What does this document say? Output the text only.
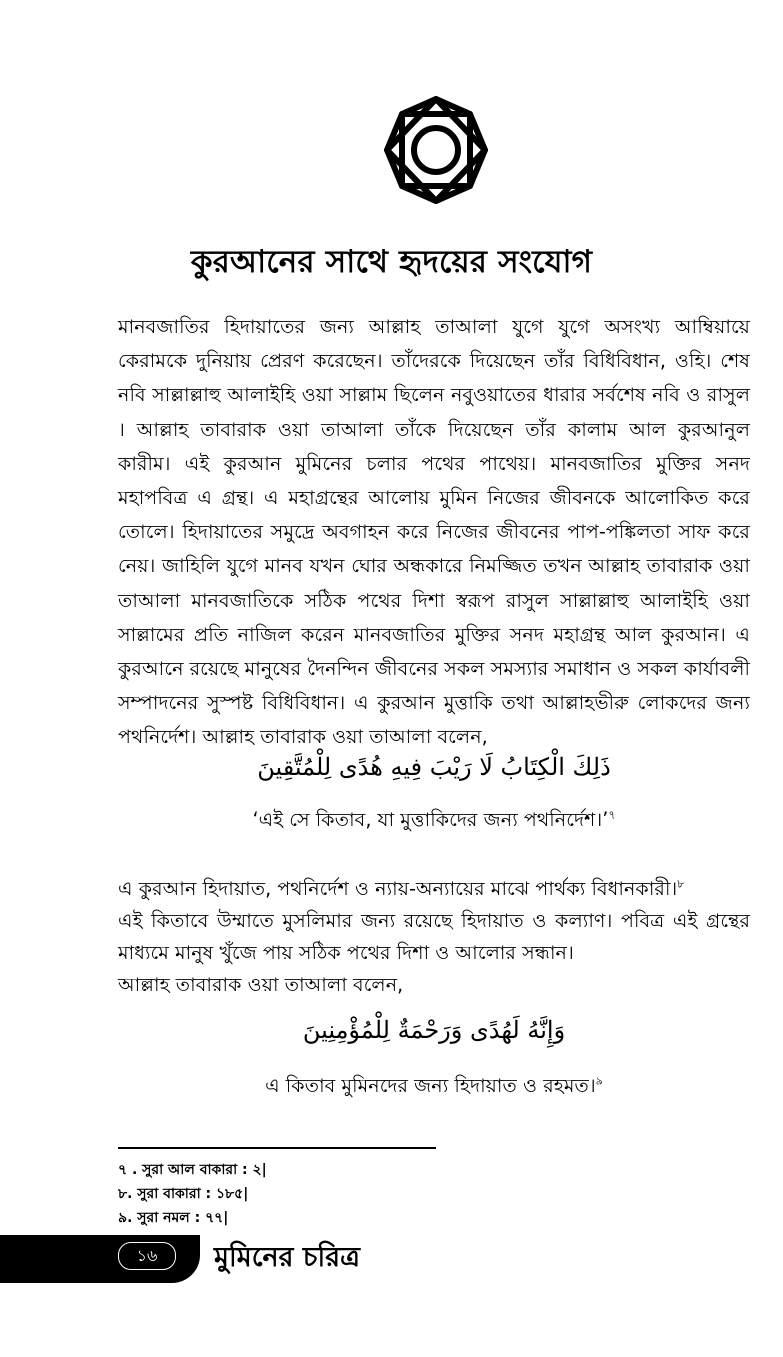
কুরআনের সাথে হৃদয়ের সংযোগ

মানবজাতির হিদায়াতের জন্য আল্লাহ তাআলা যুগে যুগে অসংখ্য আম্বিয়ায়ে কেরামকে দুনিয়ায় প্রেরণ করেছেন। তাঁদেরকে দিয়েছেন তাঁর বিধিবিধান, ওহি। শেষ নবি সাল্লাল্লাহু আলাইহি ওয়া সাল্লাম ছিলেন নবুওয়াতের ধারার সর্বশেষ নবি ও রাসুল । আল্লাহ তাবারাক ওয়া তাআলা তাঁকে দিয়েছেন তাঁর কালাম আল কুরআনুল কারীম। এই কুরআন মুমিনের চলার পথের পাথেয়। মানবজাতির মুক্তির সনদ মহাপবিত্র এ গ্রন্থ। এ মহাগ্রন্থের আলোয় মুমিন নিজের জীবনকে আলোকিত করে তোলে। হিদায়াতের সমুদ্রে অবগাহন করে নিজের জীবনের পাপ-পঙ্কিলতা সাফ করে নেয়। জাহিলি যুগে মানব যখন ঘোর অন্ধকারে নিমজ্জিত তখন আল্লাহ তাবারাক ওয়া তাআলা মানবজাতিকে সঠিক পথের দিশা স্বরূপ রাসুল সাল্লাল্লাহু আলাইহি ওয়া সাল্লামের প্রতি নাজিল করেন মানবজাতির মুক্তির সনদ মহাগ্রন্থ আল কুরআন। এ কুরআনে রয়েছে মানুষের দৈনন্দিন জীবনের সকল সমস্যার সমাধান ও সকল কার্যাবলী সম্পাদনের সুস্পষ্ট বিধিবিধান। এ কুরআন মুত্তাকি তথা আল্লাহভীরু লোকদের জন্য পথনির্দেশ। আল্লাহ তাবারাক ওয়া তাআলা বলেন,

ذَلِكَ الْكِتَابُ لَا رَيْبَ فِيهِ هُدًى لِلْمُتَّقِينَ
‘এই সে কিতাব, যা মুত্তাকিদের জন্য পথনির্দেশ।’$^৭$
এ কুরআন হিদায়াত, পথনির্দেশ ও ন্যায়-অন্যায়ের মাঝে পার্থক্য বিধানকারী।$^৮$
এই কিতাবে উম্মাতে মুসলিমার জন্য রয়েছে হিদায়াত ও কল্যাণ। পবিত্র এই গ্রন্থের মাধ্যমে মানুষ খুঁজে পায় সঠিক পথের দিশা ও আলোর সন্ধান।
আল্লাহ তাবারাক ওয়া তাআলা বলেন,
وَإِنَّهُ لَهُدًى وَرَحْمَةٌ لِلْمُؤْمِنِينَ
এ কিতাব মুমিনদের জন্য হিদায়াত ও রহমত।$^৯$
৭ . সুরা আল বাকারা : ২|
৮. সুরা বাকারা : ১৮৫|
৯. সুরা নমল : ৭৭|
১৬	মুমিনের চরিত্র
